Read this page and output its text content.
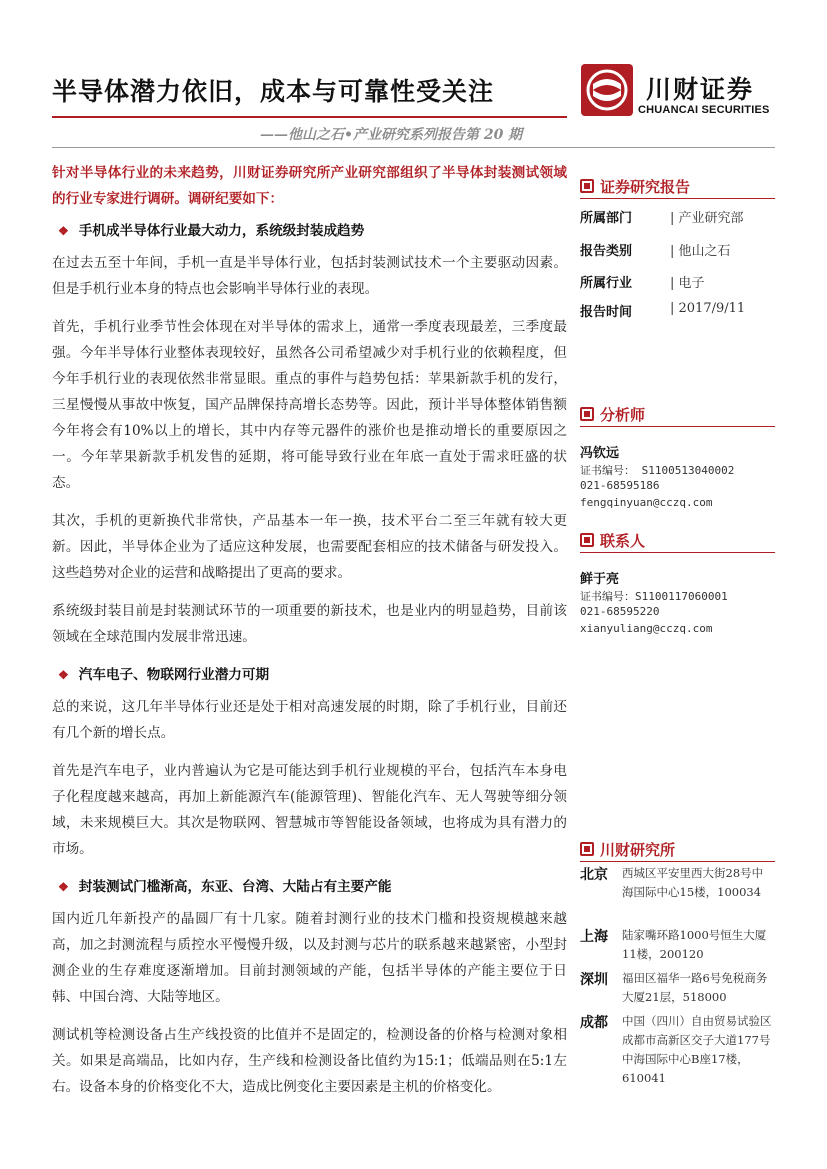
半导体潜力依旧，成本与可靠性受关注	川财证券
CHUANCAI SECURITIES
——他山之石•产业研究系列报告第 20 期

针对半导体行业的未来趋势，川财证券研究所产业研究部组织了半导体封装测试领域的行业专家进行调研。调研纪要如下：

❖ 手机成半导体行业最大动力，系统级封装成趋势

在过去五至十年间，手机一直是半导体行业，包括封装测试技术一个主要驱动因素。但是手机行业本身的特点也会影响半导体行业的表现。

首先，手机行业季节性会体现在对半导体的需求上，通常一季度表现最差，三季度最强。今年半导体行业整体表现较好，虽然各公司希望减少对手机行业的依赖程度，但今年手机行业的表现依然非常显眼。重点的事件与趋势包括：苹果新款手机的发行，三星慢慢从事故中恢复，国产品牌保持高增长态势等。因此，预计半导体整体销售额今年将会有10%以上的增长，其中内存等元器件的涨价也是推动增长的重要原因之一。今年苹果新款手机发售的延期，将可能导致行业在年底一直处于需求旺盛的状态。

其次，手机的更新换代非常快，产品基本一年一换，技术平台二至三年就有较大更新。因此，半导体企业为了适应这种发展，也需要配套相应的技术储备与研发投入。这些趋势对企业的运营和战略提出了更高的要求。

系统级封装目前是封装测试环节的一项重要的新技术，也是业内的明显趋势，目前该领域在全球范围内发展非常迅速。

❖ 汽车电子、物联网行业潜力可期

总的来说，这几年半导体行业还是处于相对高速发展的时期，除了手机行业，目前还有几个新的增长点。

首先是汽车电子，业内普遍认为它是可能达到手机行业规模的平台，包括汽车本身电子化程度越来越高，再加上新能源汽车(能源管理)、智能化汽车、无人驾驶等细分领域，未来规模巨大。其次是物联网、智慧城市等智能设备领域，也将成为具有潜力的市场。

❖ 封装测试门槛渐高，东亚、台湾、大陆占有主要产能

国内近几年新投产的晶圆厂有十几家。随着封测行业的技术门槛和投资规模越来越高，加之封测流程与质控水平慢慢升级，以及封测与芯片的联系越来越紧密，小型封测企业的生存难度逐渐增加。目前封测领域的产能，包括半导体的产能主要位于日韩、中国台湾、大陆等地区。

测试机等检测设备占生产线投资的比值并不是固定的，检测设备的价格与检测对象相关。如果是高端品，比如内存，生产线和检测设备比值约为15:1；低端品则在5:1左右。设备本身的价格变化不大，造成比例变化主要因素是主机的价格变化。

证券研究报告
所属部门	| 产业研究部
报告类别	| 他山之石
所属行业	| 电子
报告时间	| 2017/9/11
分析师
冯钦远
证书编号： S1100513040002
021-68595186
fengqinyuan@cczq.com
联系人
鲜于亮
证书编号：S1100117060001
021-68595220
xianyuliang@cczq.com
川财研究所
北京 西城区平安里西大街28号中海国际中心15楼，100034
上海 陆家嘴环路1000号恒生大厦11楼，200120
深圳 福田区福华一路6号免税商务大厦21层，518000
成都 中国（四川）自由贸易试验区成都市高新区交子大道177号中海国际中心B座17楼，610041
